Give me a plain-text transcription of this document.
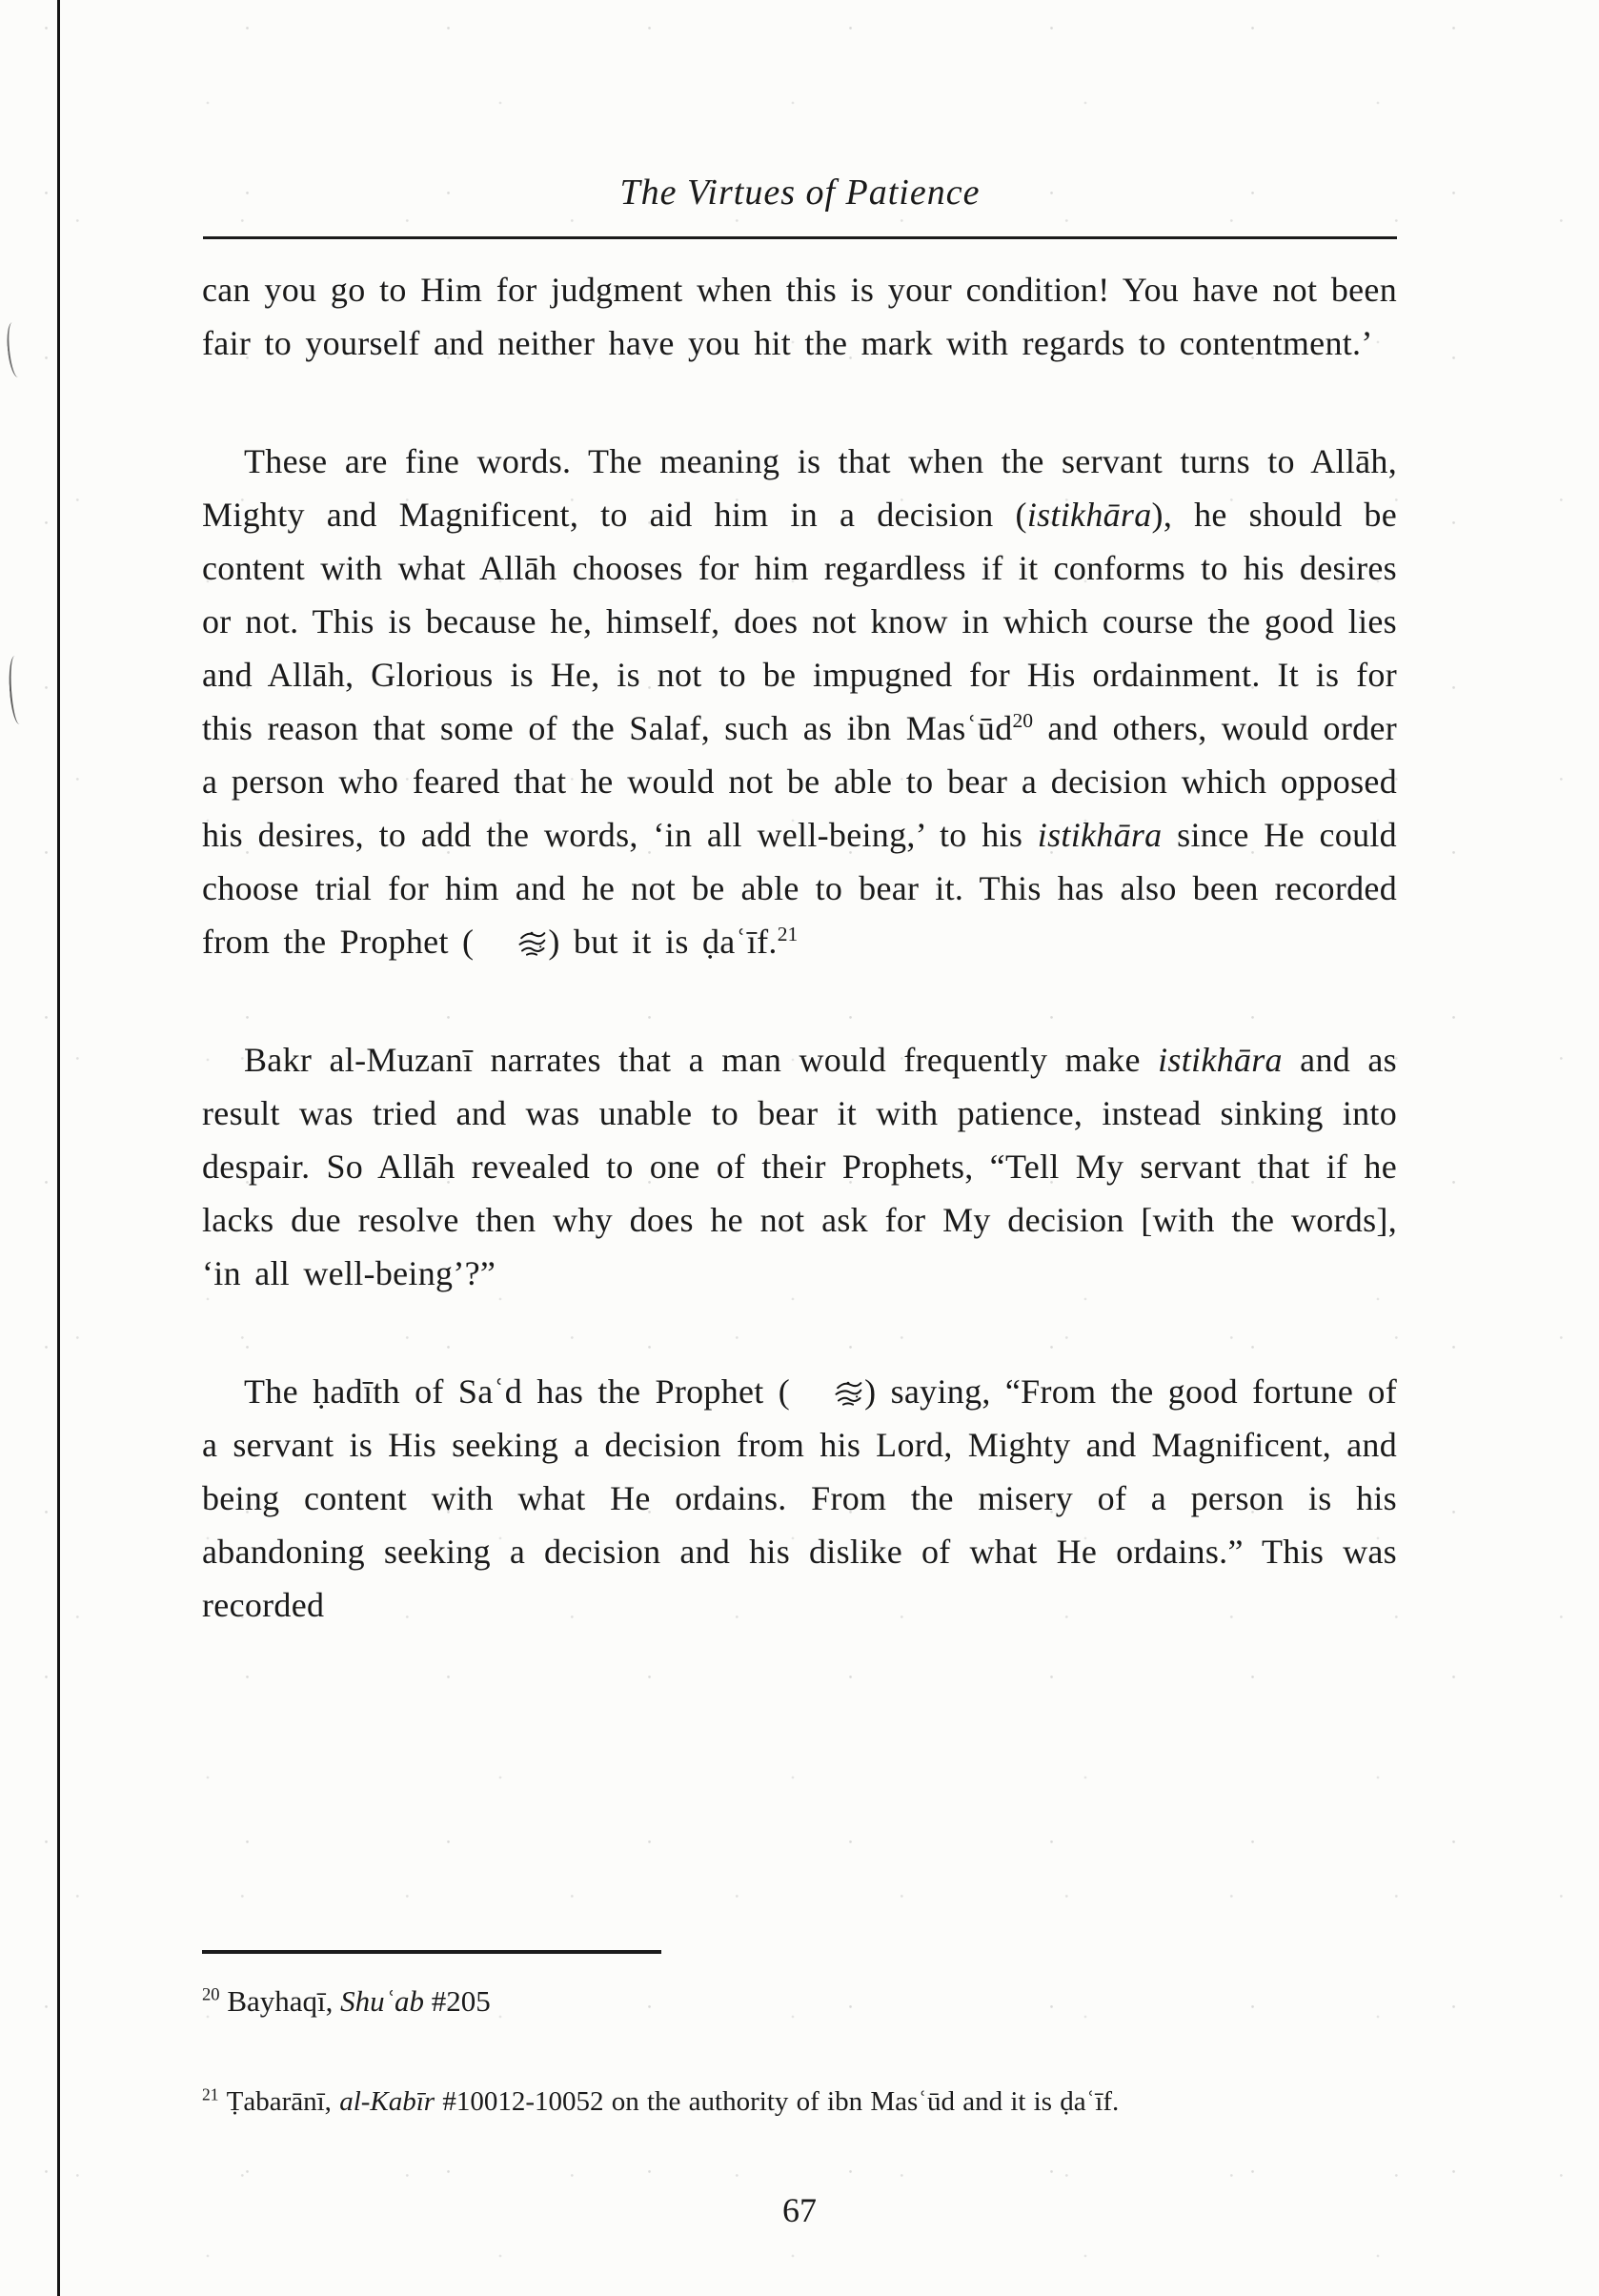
The Virtues of Patience

can you go to Him for judgment when this is your condition! You have not been fair to yourself and neither have you hit the mark with regards to contentment.’

These are fine words. The meaning is that when the servant turns to Allāh, Mighty and Magnificent, to aid him in a decision (istikhāra), he should be content with what Allāh chooses for him regardless if it conforms to his desires or not. This is because he, himself, does not know in which course the good lies and Allāh, Glorious is He, is not to be impugned for His ordainment. It is for this reason that some of the Salaf, such as ibn Masʿūd$^{20}$ and others, would order a person who feared that he would not be able to bear a decision which opposed his desires, to add the words, ‘in all well-being,’ to his istikhāra since He could choose trial for him and he not be able to bear it. This has also been recorded from the Prophet ( ) but it is ḍaʿīf.$^{21}$

Bakr al-Muzanī narrates that a man would frequently make istikhāra and as result was tried and was unable to bear it with patience, instead sinking into despair. So Allāh revealed to one of their Prophets, “Tell My servant that if he lacks due resolve then why does he not ask for My decision [with the words], ‘in all well-being’?”

The ḥadīth of Saʿd has the Prophet ( ) saying, “From the good fortune of a servant is His seeking a decision from his Lord, Mighty and Magnificent, and being content with what He ordains. From the misery of a person is his abandoning seeking a decision and his dislike of what He ordains.” This was recorded

$^{20}$ Bayhaqī, Shuʿab #205
$^{21}$ Ṭabarānī, al-Kabīr #10012-10052 on the authority of ibn Masʿūd and it is ḍaʿīf.
67
